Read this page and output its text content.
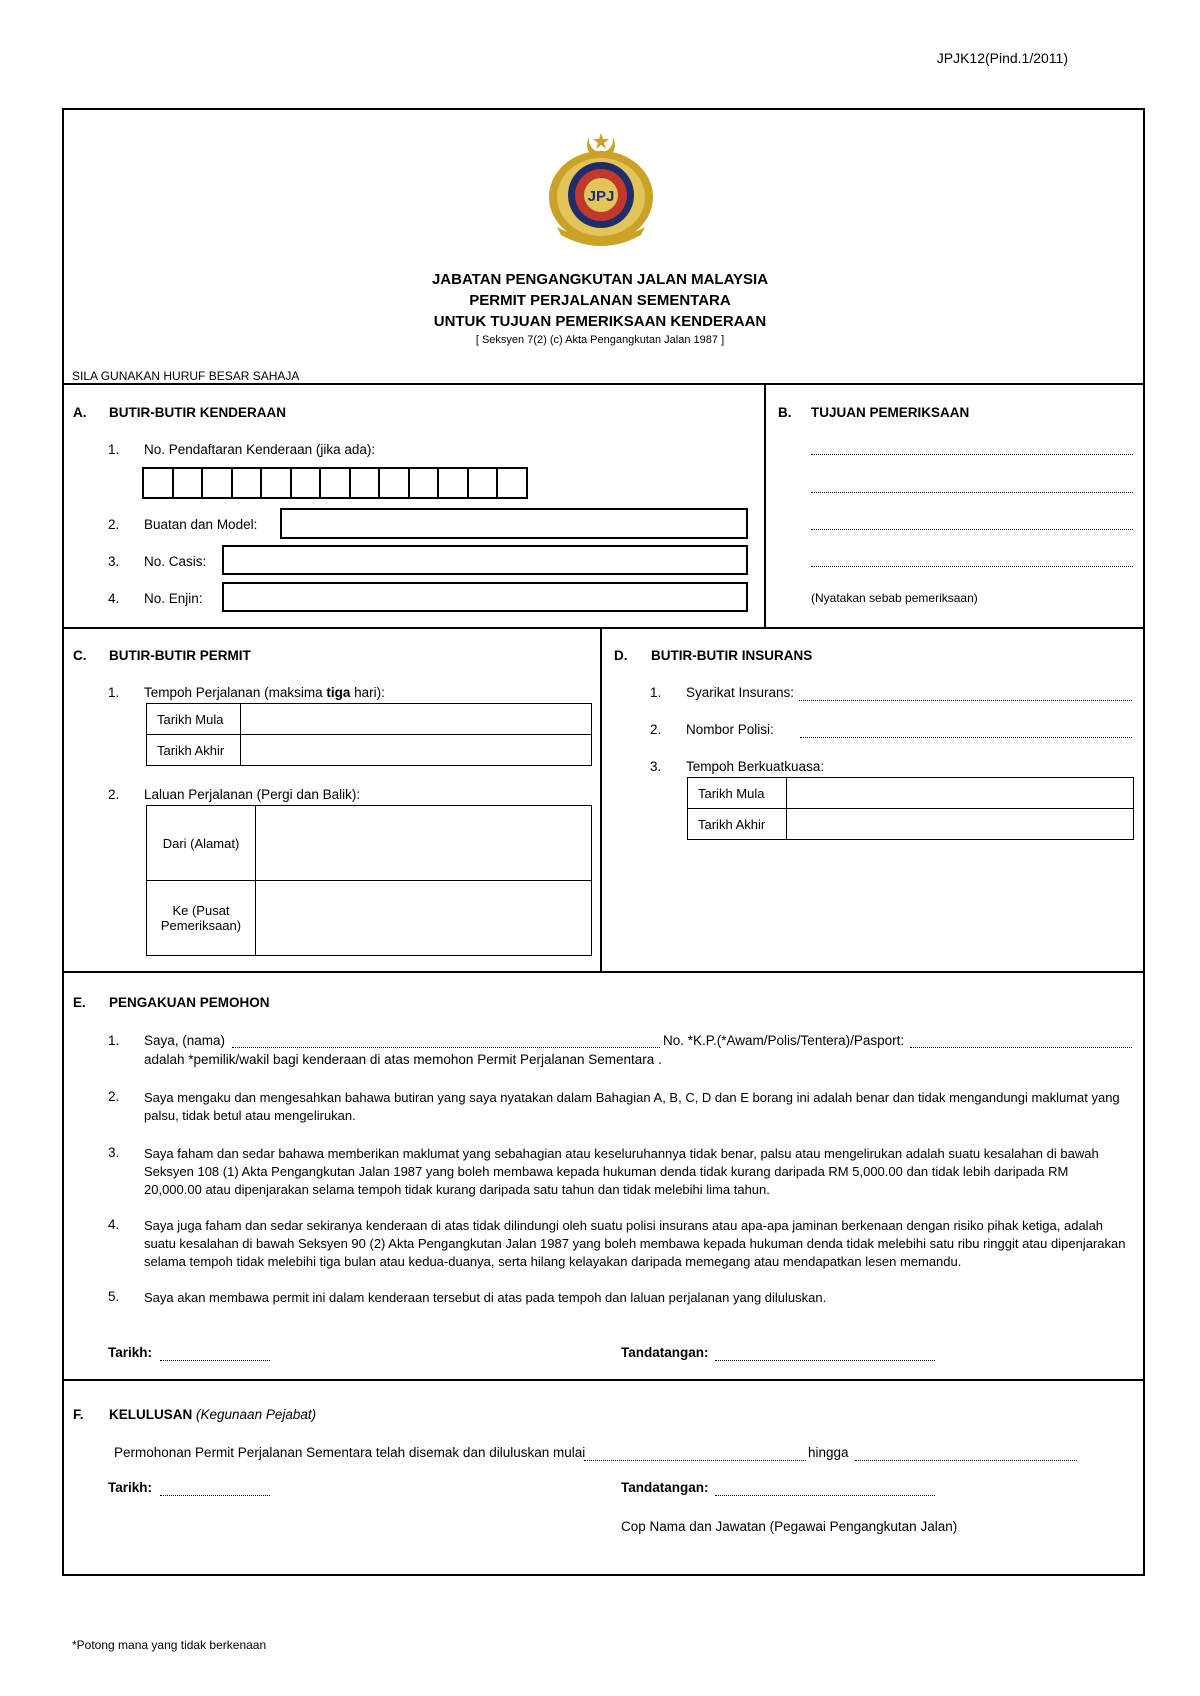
JPJK12(Pind.1/2011)
JPJ
JABATAN PENGANGKUTAN JALAN MALAYSIA
PERMIT PERJALANAN SEMENTARA
UNTUK TUJUAN PEMERIKSAAN KENDERAAN
[ Seksyen 7(2) (c) Akta Pengangkutan Jalan 1987 ]
SILA GUNAKAN HURUF BESAR SAHAJA
A. BUTIR-BUTIR KENDERAAN
1. No. Pendaftaran Kenderaan (jika ada):
2. Buatan dan Model:
3. No. Casis:
4. No. Enjin:
B. TUJUAN PEMERIKSAAN
(Nyatakan sebab pemeriksaan)
C. BUTIR-BUTIR PERMIT
1. Tempoh Perjalanan (maksima tiga hari):
Tarikh Mula
Tarikh Akhir
2. Laluan Perjalanan (Pergi dan Balik):
Dari (Alamat)
Ke (Pusat
Pemeriksaan)
D. BUTIR-BUTIR INSURANS
1. Syarikat Insurans:
2. Nombor Polisi:
3. Tempoh Berkuatkuasa:
Tarikh Mula
Tarikh Akhir
E. PENGAKUAN PEMOHON
1. Saya, (nama)	No. *K.P.(*Awam/Polis/Tentera)/Pasport:
adalah *pemilik/wakil bagi kenderaan di atas memohon Permit Perjalanan Sementara .
2. Saya mengaku dan mengesahkan bahawa butiran yang saya nyatakan dalam Bahagian A, B, C, D dan E borang ini adalah benar dan tidak mengandungi maklumat yang palsu, tidak betul atau mengelirukan.
3. Saya faham dan sedar bahawa memberikan maklumat yang sebahagian atau keseluruhannya tidak benar, palsu atau mengelirukan adalah suatu kesalahan di bawah Seksyen 108 (1) Akta Pengangkutan Jalan 1987 yang boleh membawa kepada hukuman denda tidak kurang daripada RM 5,000.00 dan tidak lebih daripada RM 20,000.00 atau dipenjarakan selama tempoh tidak kurang daripada satu tahun dan tidak melebihi lima tahun.
4. Saya juga faham dan sedar sekiranya kenderaan di atas tidak dilindungi oleh suatu polisi insurans atau apa-apa jaminan berkenaan dengan risiko pihak ketiga, adalah suatu kesalahan di bawah Seksyen 90 (2) Akta Pengangkutan Jalan 1987 yang boleh membawa kepada hukuman denda tidak melebihi satu ribu ringgit atau dipenjarakan selama tempoh tidak melebihi tiga bulan atau kedua-duanya, serta hilang kelayakan daripada memegang atau mendapatkan lesen memandu.
5. Saya akan membawa permit ini dalam kenderaan tersebut di atas pada tempoh dan laluan perjalanan yang diluluskan.
Tarikh:	Tandatangan:
F. KELULUSAN (Kegunaan Pejabat)
Permohonan Permit Perjalanan Sementara telah disemak dan diluluskan mulai	hingga
Tarikh:	Tandatangan:
Cop Nama dan Jawatan (Pegawai Pengangkutan Jalan)
*Potong mana yang tidak berkenaan
